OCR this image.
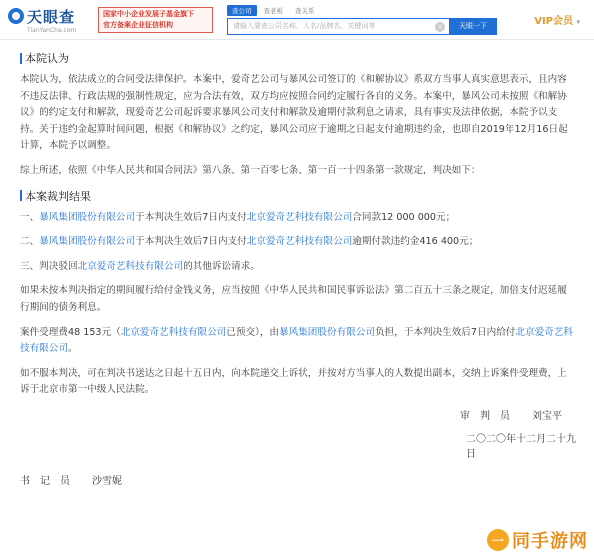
天眼查
TianYanCha.com
国家中小企业发展子基金旗下
官方备案企业征信机构
查公司	查老板	查关系
请输入要查公司名称、人名/品牌名、关键词等	×	天眼一下	VIP会员 ▾
本院认为

本院认为，依法成立的合同受法律保护。本案中，爱奇艺公司与暴风公司签订的《和解协议》系双方当事人真实意思表示，且内容不违反法律、行政法规的强制性规定，应为合法有效，双方均应按照合同约定履行各自的义务。本案中，暴风公司未按照《和解协议》的约定支付和解款，现爱奇艺公司起诉要求暴风公司支付和解款及逾期付款利息之请求，具有事实及法律依据，本院予以支持。关于违约金起算时间问题，根据《和解协议》之约定，暴风公司应于逾期之日起支付逾期违约金，也即自2019年12月16日起计算，本院予以调整。

综上所述，依照《中华人民共和国合同法》第八条、第一百零七条、第一百一十四条第一款规定，判决如下：

本案裁判结果

一、暴风集团股份有限公司于本判决生效后7日内支付北京爱奇艺科技有限公司合同款12 000 000元；

二、暴风集团股份有限公司于本判决生效后7日内支付北京爱奇艺科技有限公司逾期付款违约金416 400元；

三、判决驳回北京爱奇艺科技有限公司的其他诉讼请求。

如果未按本判决指定的期间履行给付金钱义务，应当按照《中华人民共和国民事诉讼法》第二百五十三条之规定，加倍支付迟延履行期间的债务利息。

案件受理费48 153元（北京爱奇艺科技有限公司已预交），由暴风集团股份有限公司负担，于本判决生效后7日内给付北京爱奇艺科技有限公司。

如不服本判决，可在判决书送达之日起十五日内，向本院递交上诉状，并按对方当事人的人数提出副本，交纳上诉案件受理费，上诉于北京市第一中级人民法院。

审　判　员 刘宝平
二〇二〇年十二月二十九日
书　记　员 沙雪妮
一 同手游网
